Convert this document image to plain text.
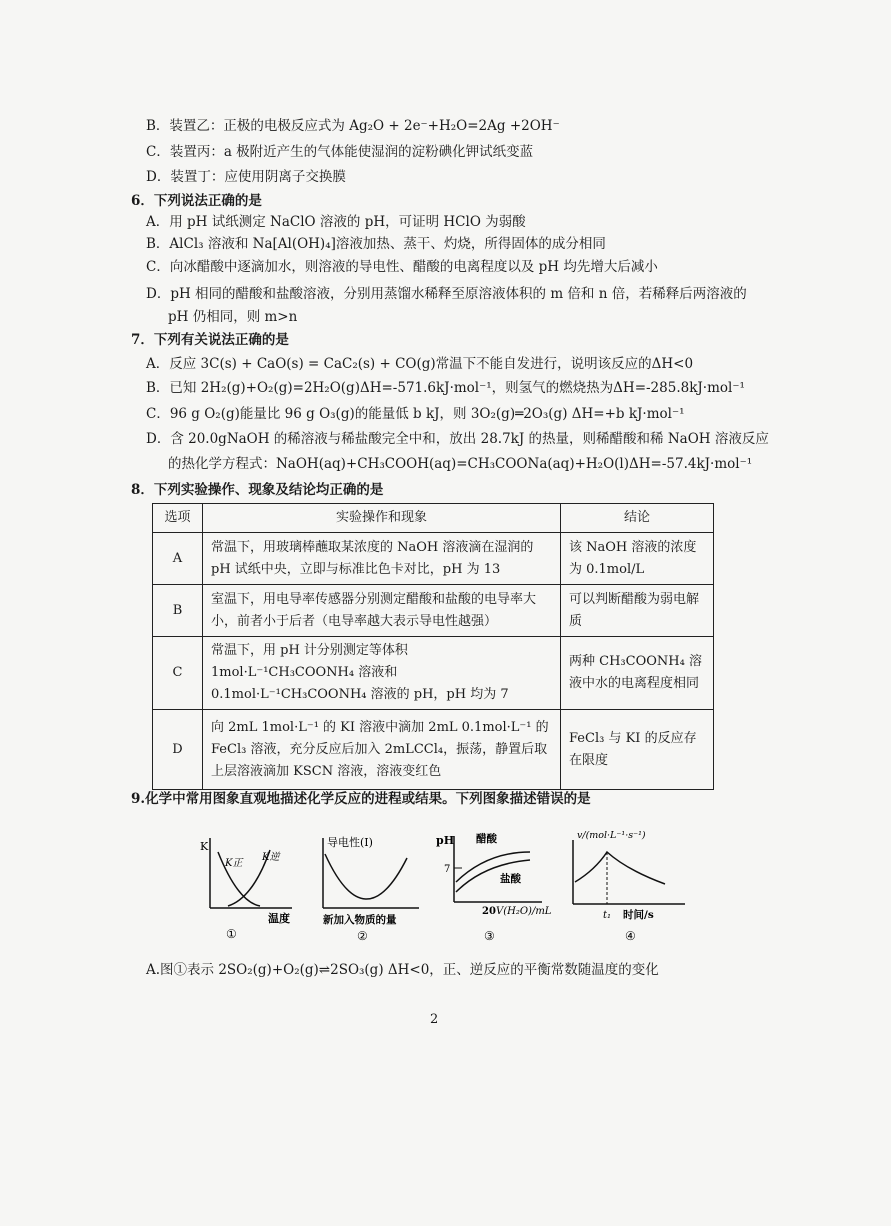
B．装置乙：正极的电极反应式为 Ag₂O + 2e⁻+H₂O=2Ag +2OH⁻
C．装置丙：a 极附近产生的气体能使湿润的淀粉碘化钾试纸变蓝
D．装置丁：应使用阴离子交换膜
6．下列说法正确的是
A．用 pH 试纸测定 NaClO 溶液的 pH，可证明 HClO 为弱酸
B．AlCl₃ 溶液和 Na[Al(OH)₄]溶液加热、蒸干、灼烧，所得固体的成分相同
C．向冰醋酸中逐滴加水，则溶液的导电性、醋酸的电离程度以及 pH 均先增大后减小
D．pH 相同的醋酸和盐酸溶液，分别用蒸馏水稀释至原溶液体积的 m 倍和 n 倍，若稀释后两溶液的
pH 仍相同，则 m>n
7．下列有关说法正确的是
A．反应 3C(s) + CaO(s) = CaC₂(s) + CO(g)常温下不能自发进行，说明该反应的ΔH<0
B．已知 2H₂(g)+O₂(g)=2H₂O(g)ΔH=-571.6kJ·mol⁻¹，则氢气的燃烧热为ΔH=-285.8kJ·mol⁻¹
C．96 g O₂(g)能量比 96 g O₃(g)的能量低 b kJ，则 3O₂(g)═2O₃(g) ΔH=+b kJ·mol⁻¹
D．含 20.0gNaOH 的稀溶液与稀盐酸完全中和，放出 28.7kJ 的热量，则稀醋酸和稀 NaOH 溶液反应
的热化学方程式：NaOH(aq)+CH₃COOH(aq)=CH₃COONa(aq)+H₂O(l)ΔH=-57.4kJ·mol⁻¹
8．下列实验操作、现象及结论均正确的是
选项	实验操作和现象	结论
A	常温下，用玻璃棒蘸取某浓度的 NaOH 溶液滴在湿润的 pH 试纸中央，立即与标准比色卡对比，pH 为 13	该 NaOH 溶液的浓度为 0.1mol/L
B	室温下，用电导率传感器分别测定醋酸和盐酸的电导率大小，前者小于后者（电导率越大表示导电性越强）	可以判断醋酸为弱电解质
C	常温下，用 pH 计分别测定等体积 1mol·L⁻¹CH₃COONH₄ 溶液和 0.1mol·L⁻¹CH₃COONH₄ 溶液的 pH，pH 均为 7	两种 CH₃COONH₄ 溶液中水的电离程度相同
D	向 2mL 1mol·L⁻¹ 的 KI 溶液中滴加 2mL 0.1mol·L⁻¹ 的 FeCl₃ 溶液，充分反应后加入 2mLCCl₄，振荡，静置后取上层溶液滴加 KSCN 溶液，溶液变红色	FeCl₃ 与 KI 的反应存在限度
9.化学中常用图象直观地描述化学反应的进程或结果。下列图象描述错误的是
K
K正
K逆
温度
①
导电性(I)
新加入物质的量
②
pH
7
醋酸
盐酸
20 V(H₂O)/mL
③
v/(mol·L⁻¹·s⁻¹)
t₁ 时间/s
④
A.图①表示 2SO₂(g)+O₂(g)⇌2SO₃(g) ΔH<0，正、逆反应的平衡常数随温度的变化
2
